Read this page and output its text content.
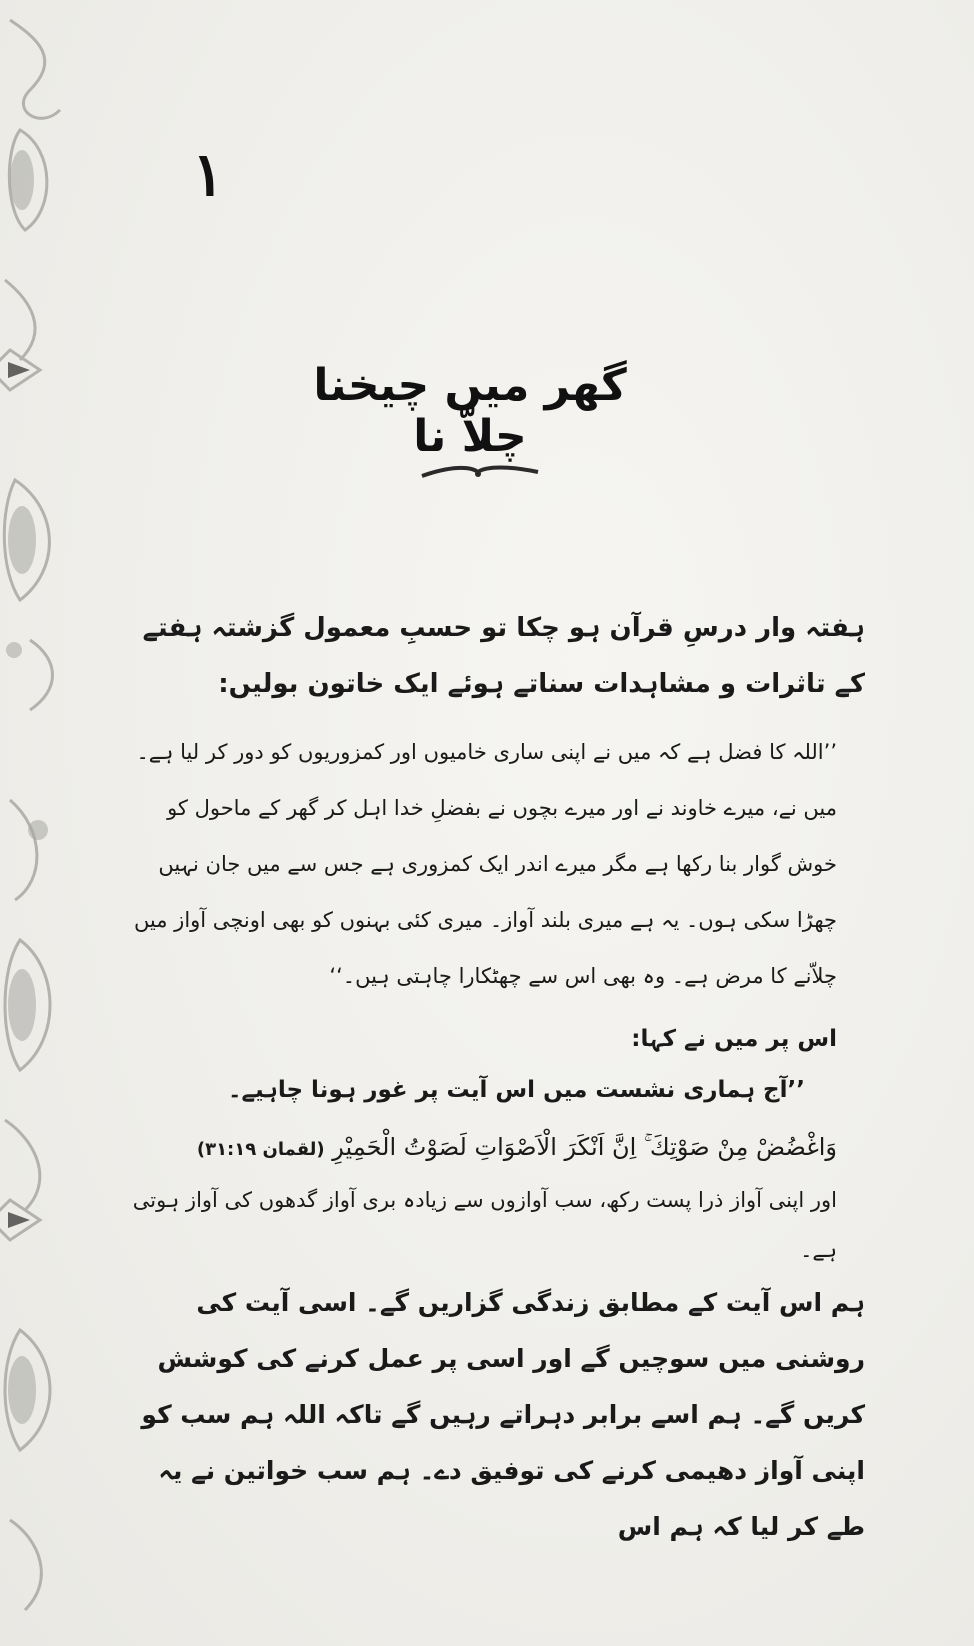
۱
گھر میں چیخنا چلاّ نا

ہفتہ وار درسِ قرآن ہو چکا تو حسبِ معمول گزشتہ ہفتے کے تاثرات و مشاہدات سناتے ہوئے ایک خاتون بولیں:

’’اللہ کا فضل ہے کہ میں نے اپنی ساری خامیوں اور کمزوریوں کو دور کر لیا ہے۔ میں نے، میرے خاوند نے اور میرے بچوں نے بفضلِ خدا اہل کر گھر کے ماحول کو خوش گوار بنا رکھا ہے مگر میرے اندر ایک کمزوری ہے جس سے میں جان نہیں چھڑا سکی ہوں۔ یہ ہے میری بلند آواز۔ میری کئی بہنوں کو بھی اونچی آواز میں چلاّنے کا مرض ہے۔ وہ بھی اس سے چھٹکارا چاہتی ہیں۔‘‘

اس پر میں نے کہا:

’’آج ہماری نشست میں اس آیت پر غور ہونا چاہیے۔

وَاغْضُضْ مِنْ صَوْتِكَ ۚ اِنَّ اَنْكَرَ الْاَصْوَاتِ لَصَوْتُ الْحَمِيْرِ (لقمان ۳۱:۱۹)

اور اپنی آواز ذرا پست رکھ، سب آوازوں سے زیادہ بری آواز گدھوں کی آواز ہوتی ہے۔

ہم اس آیت کے مطابق زندگی گزاریں گے۔ اسی آیت کی روشنی میں سوچیں گے اور اسی پر عمل کرنے کی کوشش کریں گے۔ ہم اسے برابر دہراتے رہیں گے تاکہ اللہ ہم سب کو اپنی آواز دھیمی کرنے کی توفیق دے۔ ہم سب خواتین نے یہ طے کر لیا کہ ہم اس
